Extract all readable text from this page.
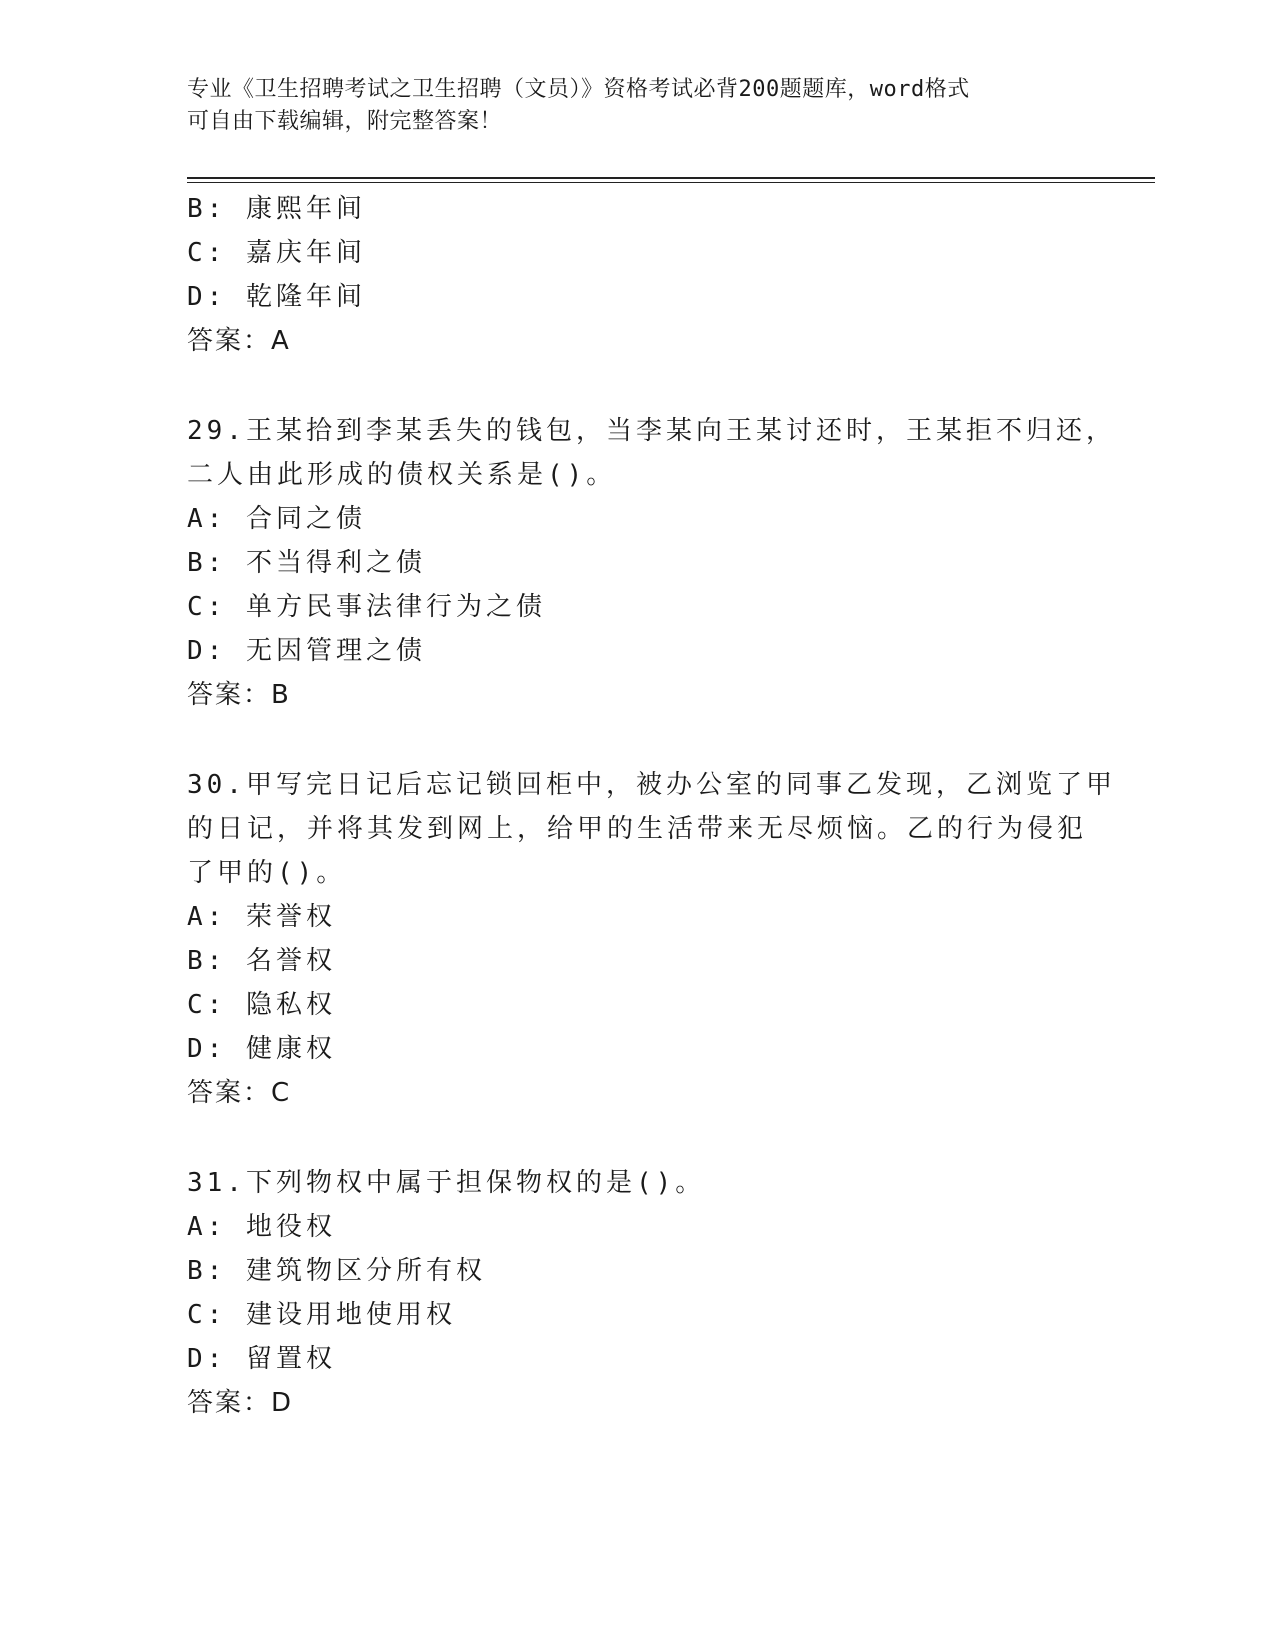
专业《卫生招聘考试之卫生招聘（文员）》资格考试必背200题题库，word格式
可自由下载编辑，附完整答案！
B: 康熙年间
C: 嘉庆年间
D: 乾隆年间
答案：A
29.王某拾到李某丢失的钱包，当李某向王某讨还时，王某拒不归还，
二人由此形成的债权关系是()。
A: 合同之债
B: 不当得利之债
C: 单方民事法律行为之债
D: 无因管理之债
答案：B
30.甲写完日记后忘记锁回柜中，被办公室的同事乙发现，乙浏览了甲
的日记，并将其发到网上，给甲的生活带来无尽烦恼。乙的行为侵犯
了甲的()。
A: 荣誉权
B: 名誉权
C: 隐私权
D: 健康权
答案：C
31.下列物权中属于担保物权的是()。
A: 地役权
B: 建筑物区分所有权
C: 建设用地使用权
D: 留置权
答案：D
